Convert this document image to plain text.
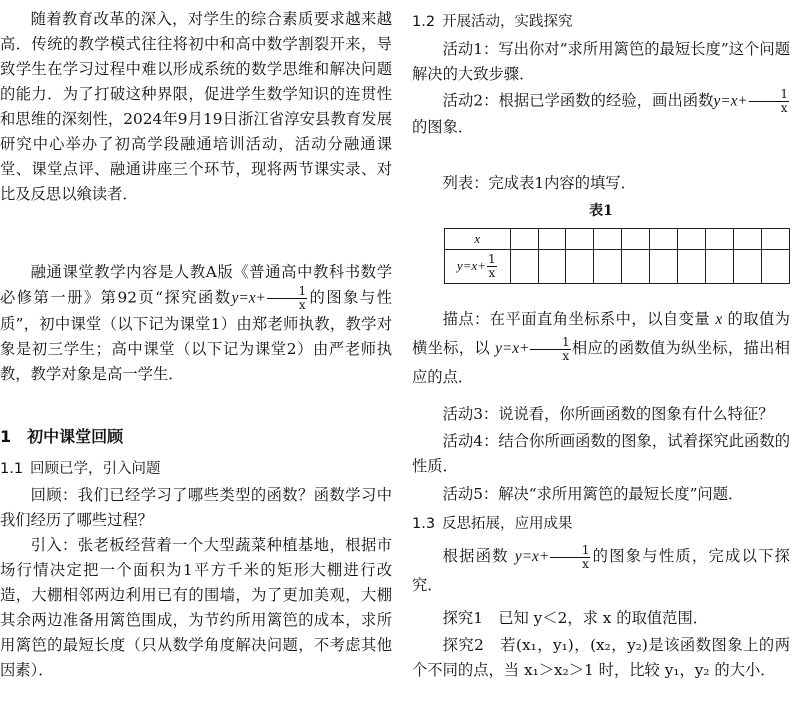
随着教育改革的深入，对学生的综合素质要求越来越高．传统的教学模式往往将初中和高中数学割裂开来，导致学生在学习过程中难以形成系统的数学思维和解决问题的能力．为了打破这种界限，促进学生数学知识的连贯性和思维的深刻性，2024年9月19日浙江省淳安县教育发展研究中心举办了初高学段融通培训活动，活动分融通课堂、课堂点评、融通讲座三个环节，现将两节课实录、对比及反思以飨读者．
融通课堂教学内容是人教A版《普通高中教科书数学必修第一册》第92页“探究函数$y=x+ \frac{1}{x}$ 的图象与性质”，初中课堂（以下记为课堂1）由郑老师执教，教学对象是初三学生；高中课堂（以下记为课堂2）由严老师执教，教学对象是高一学生．
1　初中课堂回顾
1.1 回顾已学，引入问题
回顾：我们已经学习了哪些类型的函数？函数学习中我们经历了哪些过程？
引入：张老板经营着一个大型蔬菜种植基地，根据市场行情决定把一个面积为1平方千米的矩形大棚进行改造，大棚相邻两边利用已有的围墙，为了更加美观，大棚其余两边准备用篱笆围成，为节约所用篱笆的成本，求所用篱笆的最短长度（只从数学角度解决问题，不考虑其他因素）．
1.2 开展活动，实践探究
活动1：写出你对“求所用篱笆的最短长度”这个问题解决的大致步骤．
活动2：根据已学函数的经验，画出函数$y=x+ \frac{1}{x}$
的图象．
列表：完成表1内容的填写．
表1
x										
$y=x+ \frac{1}{x}$

描点：在平面直角坐标系中，以自变量 x 的取值为横坐标，以 $y=x+ \frac{1}{x}$ 相应的函数值为纵坐标，描出相应的点．
活动3：说说看，你所画函数的图象有什么特征？
活动4：结合你所画函数的图象，试着探究此函数的性质．
活动5：解决“求所用篱笆的最短长度”问题．
1.3 反思拓展，应用成果
根据函数 $y=x+ \frac{1}{x}$ 的图象与性质，完成以下探究．
探究1　已知 y＜2，求 x 的取值范围．
探究2　若(x₁，y₁)，(x₂，y₂)是该函数图象上的两个不同的点，当 x₁＞x₂＞1 时，比较 y₁，y₂ 的大小．
